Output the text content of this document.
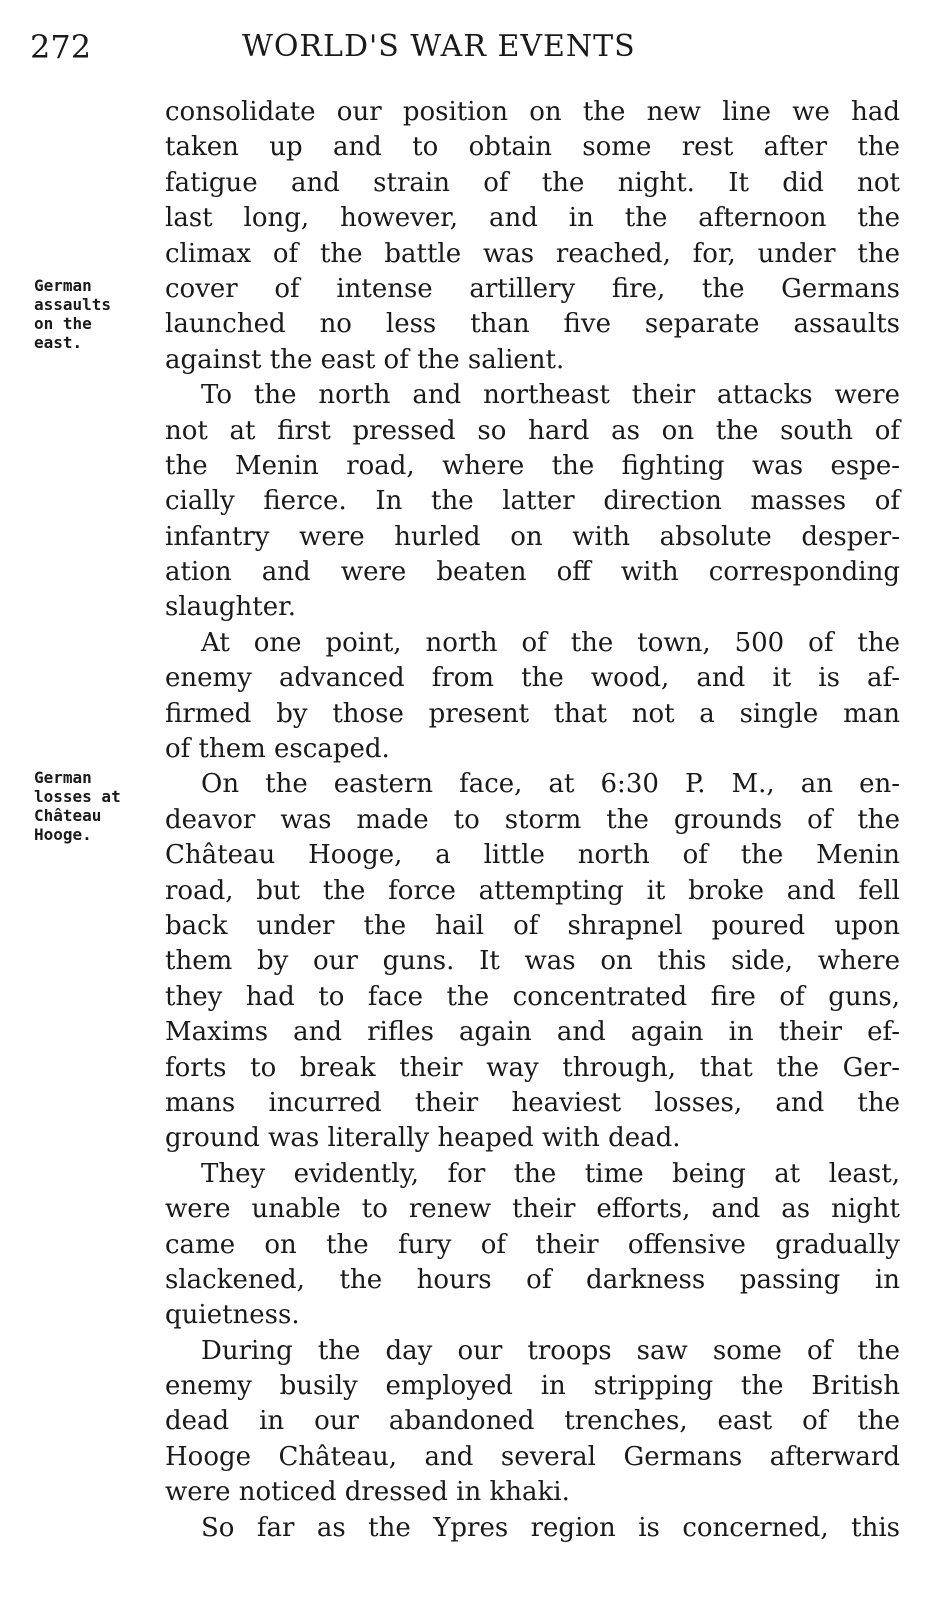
272	WORLD'S WAR EVENTS
German
assaults
on the
east.
German
losses at
Château
Hooge.
consolidate our position on the new line we had
taken up and to obtain some rest after the
fatigue and strain of the night. It did not
last long, however, and in the afternoon the
climax of the battle was reached, for, under the
cover of intense artillery fire, the Germans
launched no less than five separate assaults
against the east of the salient.
To the north and northeast their attacks were
not at first pressed so hard as on the south of
the Menin road, where the fighting was espe-
cially fierce. In the latter direction masses of
infantry were hurled on with absolute desper-
ation and were beaten off with corresponding
slaughter.
At one point, north of the town, 500 of the
enemy advanced from the wood, and it is af-
firmed by those present that not a single man
of them escaped.
On the eastern face, at 6:30 P. M., an en-
deavor was made to storm the grounds of the
Château Hooge, a little north of the Menin
road, but the force attempting it broke and fell
back under the hail of shrapnel poured upon
them by our guns. It was on this side, where
they had to face the concentrated fire of guns,
Maxims and rifles again and again in their ef-
forts to break their way through, that the Ger-
mans incurred their heaviest losses, and the
ground was literally heaped with dead.
They evidently, for the time being at least,
were unable to renew their efforts, and as night
came on the fury of their offensive gradually
slackened, the hours of darkness passing in
quietness.
During the day our troops saw some of the
enemy busily employed in stripping the British
dead in our abandoned trenches, east of the
Hooge Château, and several Germans afterward
were noticed dressed in khaki.
So far as the Ypres region is concerned, this
